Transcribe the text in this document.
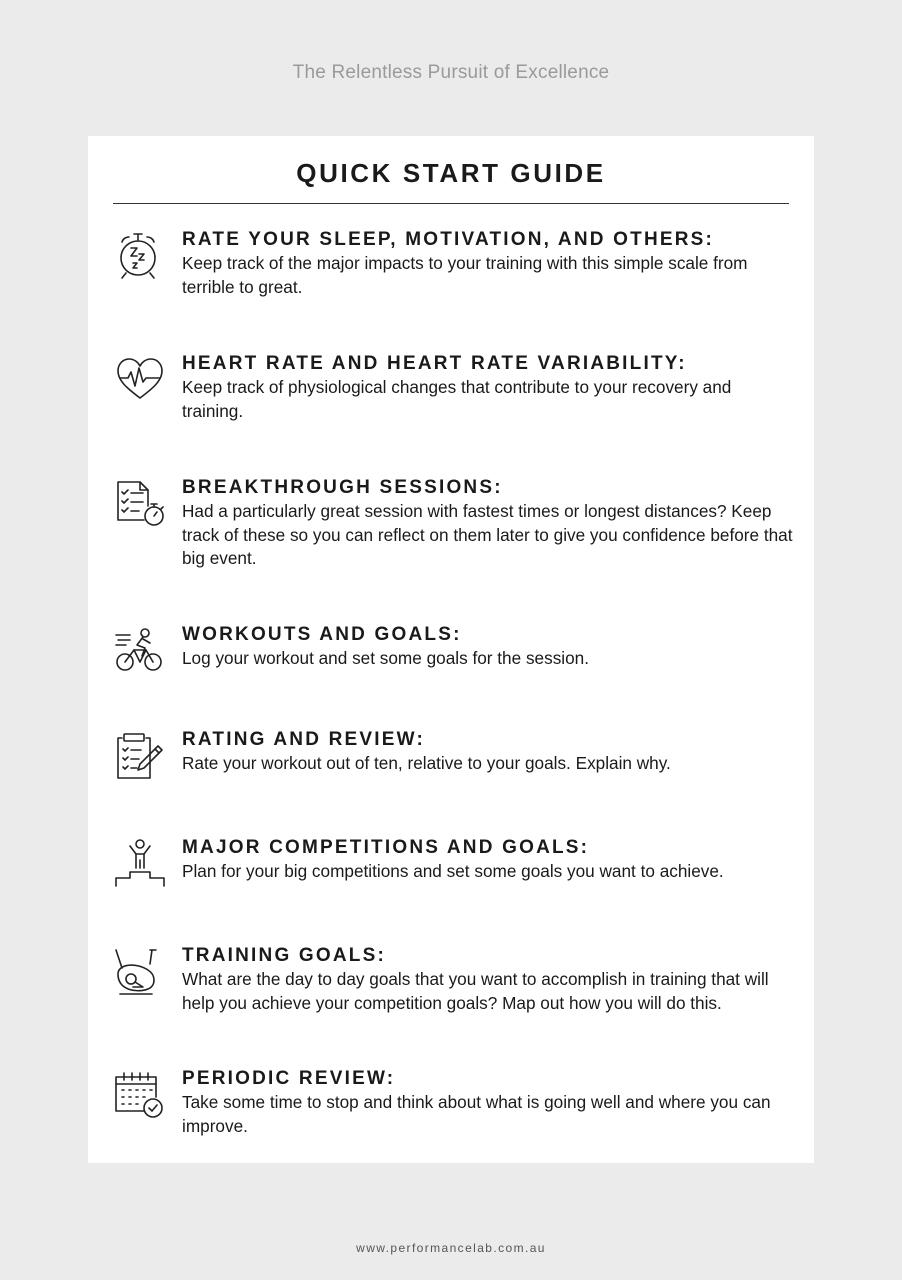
The Relentless Pursuit of Excellence
QUICK START GUIDE
RATE YOUR SLEEP, MOTIVATION, AND OTHERS:
Keep track of the major impacts to your training with this simple scale from terrible to great.
HEART RATE AND HEART RATE VARIABILITY:
Keep track of physiological changes that contribute to your recovery and training.
BREAKTHROUGH SESSIONS:
Had a particularly great session with fastest times or longest distances? Keep track of these so you can reflect on them later to give you confidence before that big event.
WORKOUTS AND GOALS:
Log your workout and set some goals for the session.
RATING AND REVIEW:
Rate your workout out of ten, relative to your goals. Explain why.
MAJOR COMPETITIONS AND GOALS:
Plan for your big competitions and set some goals you want to achieve.
TRAINING GOALS:
What are the day to day goals that you want to accomplish in training that will help you achieve your competition goals? Map out how you will do this.
PERIODIC REVIEW:
Take some time to stop and think about what is going well and where you can improve.
www.performancelab.com.au
